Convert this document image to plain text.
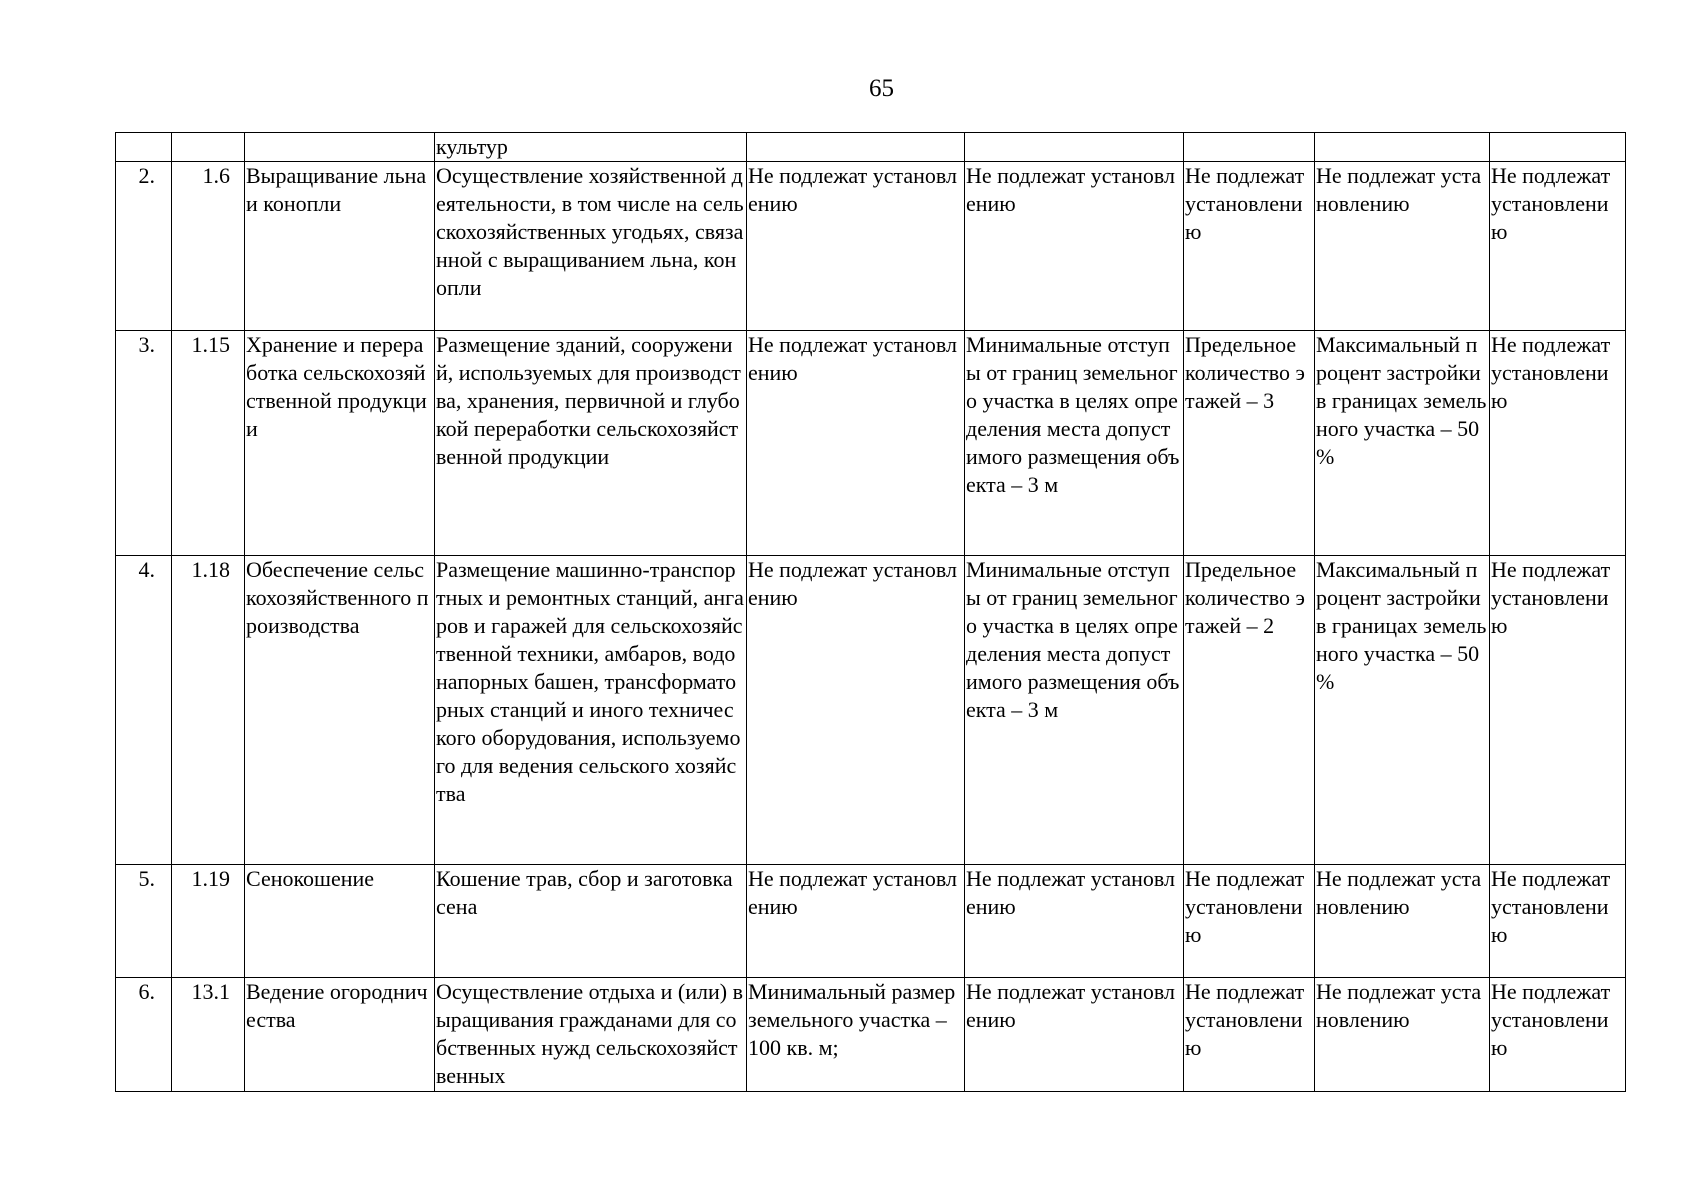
65
			культур					
2.	1.6	Выращивание льна и конопли	Осуществление хозяйственной деятельности, в том числе на сельскохозяйственных угодьях, связанной с выращиванием льна, конопли	Не подлежат установлению	Не подлежат установлению	Не подлежат установлению	Не подлежат установлению	Не подлежат установлению
3.	1.15	Хранение и переработка сельскохозяйственной продукции	Размещение зданий, сооружений, используемых для производства, хранения, первичной и глубокой переработки сельскохозяйственной продукции	Не подлежат установлению	Минимальные отступы от границ земельного участка в целях определения места допустимого размещения объекта – 3 м	Предельное количество этажей – 3	Максимальный процент застройки в границах земельного участка – 50 %	Не подлежат установлению
4.	1.18	Обеспечение сельскохозяйственного производства	Размещение машинно-транспортных и ремонтных станций, ангаров и гаражей для сельскохозяйственной техники, амбаров, водонапорных башен, трансформаторных станций и иного технического оборудования, используемого для ведения сельского хозяйства	Не подлежат установлению	Минимальные отступы от границ земельного участка в целях определения места допустимого размещения объекта – 3 м	Предельное количество этажей – 2	Максимальный процент застройки в границах земельного участка – 50 %	Не подлежат установлению
5.	1.19	Сенокошение	Кошение трав, сбор и заготовка сена	Не подлежат установлению	Не подлежат установлению	Не подлежат установлению	Не подлежат установлению	Не подлежат установлению
6.	13.1	Ведение огородничества	Осуществление отдыха и (или) выращивания гражданами для собственных нужд сельскохозяйственных	Минимальный размер земельного участка – 100 кв. м;	Не подлежат установлению	Не подлежат установлению	Не подлежат установлению	Не подлежат установлению
